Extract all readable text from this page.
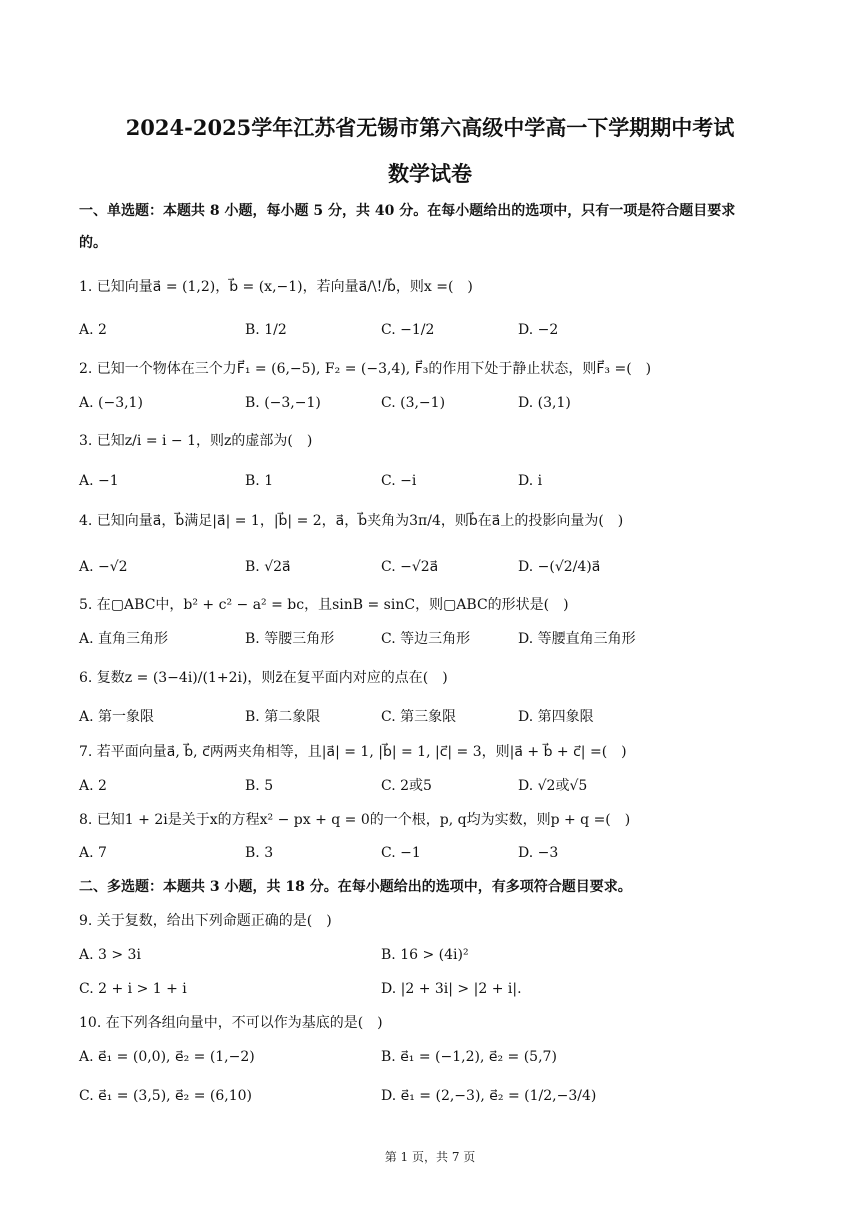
2024-2025学年江苏省无锡市第六高级中学高一下学期期中考试
数学试卷
一、单选题：本题共 8 小题，每小题 5 分，共 40 分。在每小题给出的选项中，只有一项是符合题目要求
的。
1. 已知向量a⃗ = (1,2)，b⃗ = (x,−1)，若向量a⃗/\!/b⃗，则x =(　)
A. 2	B. 1/2	C. −1/2	D. −2
2. 已知一个物体在三个力F⃗₁ = (6,−5), F₂ = (−3,4), F⃗₃的作用下处于静止状态，则F⃗₃ =(　)
A. (−3,1)	B. (−3,−1)	C. (3,−1)	D. (3,1)
3. 已知z/i = i − 1，则z的虚部为(　)
A. −1	B. 1	C. −i	D. i
4. 已知向量a⃗，b⃗满足|a⃗| = 1，|b⃗| = 2，a⃗，b⃗夹角为3π/4，则b⃗在a⃗上的投影向量为(　)
A. −√2	B. √2a⃗	C. −√2a⃗	D. −(√2/4)a⃗
5. 在▢ABC中，b² + c² − a² = bc，且sinB = sinC，则▢ABC的形状是(　)
A. 直角三角形	B. 等腰三角形	C. 等边三角形	D. 等腰直角三角形
6. 复数z = (3−4i)/(1+2i)，则z̄在复平面内对应的点在(　)
A. 第一象限	B. 第二象限	C. 第三象限	D. 第四象限
7. 若平面向量a⃗, b⃗, c⃗两两夹角相等，且|a⃗| = 1, |b⃗| = 1, |c⃗| = 3，则|a⃗ + b⃗ + c⃗| =(　)
A. 2	B. 5	C. 2或5	D. √2或√5
8. 已知1 + 2i是关于x的方程x² − px + q = 0的一个根，p, q均为实数，则p + q =(　)
A. 7	B. 3	C. −1	D. −3
二、多选题：本题共 3 小题，共 18 分。在每小题给出的选项中，有多项符合题目要求。
9. 关于复数，给出下列命题正确的是(　)
A. 3 > 3i	B. 16 > (4i)²
C. 2 + i > 1 + i	D. |2 + 3i| > |2 + i|.
10. 在下列各组向量中，不可以作为基底的是(　)
A. e⃗₁ = (0,0), e⃗₂ = (1,−2)	B. e⃗₁ = (−1,2), e⃗₂ = (5,7)
C. e⃗₁ = (3,5), e⃗₂ = (6,10)	D. e⃗₁ = (2,−3), e⃗₂ = (1/2,−3/4)
第 1 页，共 7 页
